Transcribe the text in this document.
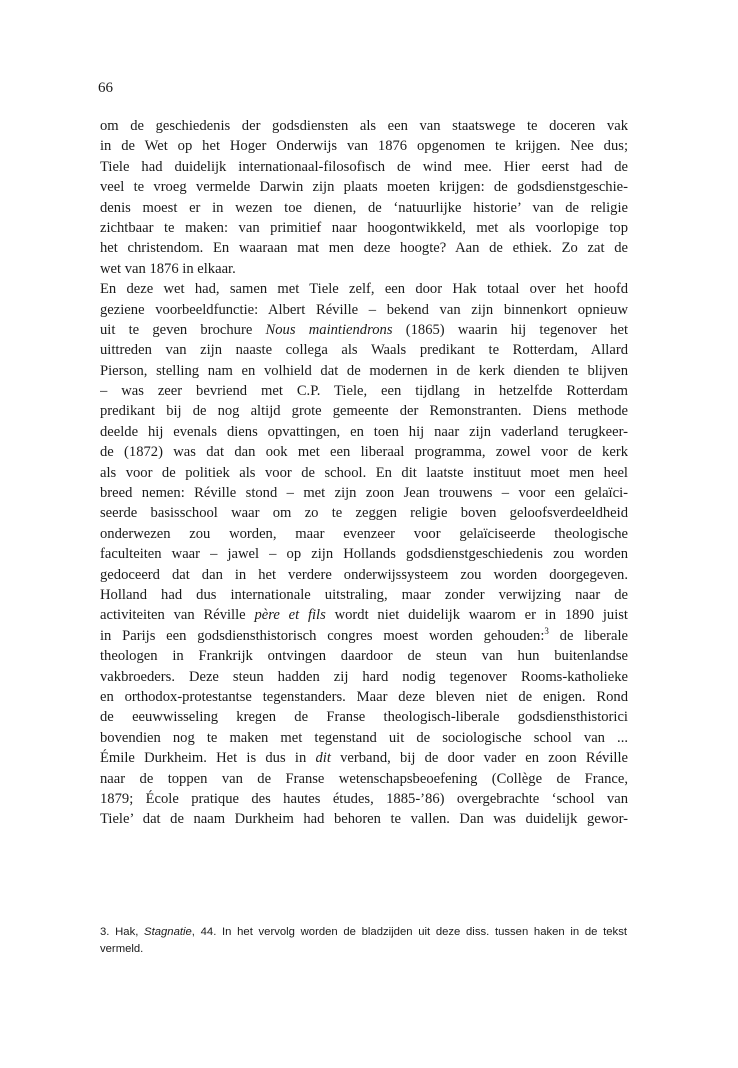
66
om de geschiedenis der godsdiensten als een van staatswege te doceren vak
in de Wet op het Hoger Onderwijs van 1876 opgenomen te krijgen. Nee dus;
Tiele had duidelijk internationaal-filosofisch de wind mee. Hier eerst had de
veel te vroeg vermelde Darwin zijn plaats moeten krijgen: de godsdienstgeschie-
denis moest er in wezen toe dienen, de ‘natuurlijke historie’ van de religie
zichtbaar te maken: van primitief naar hoogontwikkeld, met als voorlopige top
het christendom. En waaraan mat men deze hoogte? Aan de ethiek. Zo zat de
wet van 1876 in elkaar.
En deze wet had, samen met Tiele zelf, een door Hak totaal over het hoofd
geziene voorbeeldfunctie: Albert Réville – bekend van zijn binnenkort opnieuw
uit te geven brochure Nous maintiendrons (1865) waarin hij tegenover het
uittreden van zijn naaste collega als Waals predikant te Rotterdam, Allard
Pierson, stelling nam en volhield dat de modernen in de kerk dienden te blijven
– was zeer bevriend met C.P. Tiele, een tijdlang in hetzelfde Rotterdam
predikant bij de nog altijd grote gemeente der Remonstranten. Diens methode
deelde hij evenals diens opvattingen, en toen hij naar zijn vaderland terugkeer-
de (1872) was dat dan ook met een liberaal programma, zowel voor de kerk
als voor de politiek als voor de school. En dit laatste instituut moet men heel
breed nemen: Réville stond – met zijn zoon Jean trouwens – voor een gelaïci-
seerde basisschool waar om zo te zeggen religie boven geloofsverdeeldheid
onderwezen zou worden, maar evenzeer voor gelaïciseerde theologische
faculteiten waar – jawel – op zijn Hollands godsdienstgeschiedenis zou worden
gedoceerd dat dan in het verdere onderwijssysteem zou worden doorgegeven.
Holland had dus internationale uitstraling, maar zonder verwijzing naar de
activiteiten van Réville père et fils wordt niet duidelijk waarom er in 1890 juist
in Parijs een godsdiensthistorisch congres moest worden gehouden:$^3$ de liberale
theologen in Frankrijk ontvingen daardoor de steun van hun buitenlandse
vakbroeders. Deze steun hadden zij hard nodig tegenover Rooms-katholieke
en orthodox-protestantse tegenstanders. Maar deze bleven niet de enigen. Rond
de eeuwwisseling kregen de Franse theologisch-liberale godsdiensthistorici
bovendien nog te maken met tegenstand uit de sociologische school van ...
Émile Durkheim. Het is dus in dit verband, bij de door vader en zoon Réville
naar de toppen van de Franse wetenschapsbeoefening (Collège de France,
1879; École pratique des hautes études, 1885-’86) overgebrachte ‘school van
Tiele’ dat de naam Durkheim had behoren te vallen. Dan was duidelijk gewor-
3. Hak, Stagnatie, 44. In het vervolg worden de bladzijden uit deze diss. tussen haken in de tekst
vermeld.
